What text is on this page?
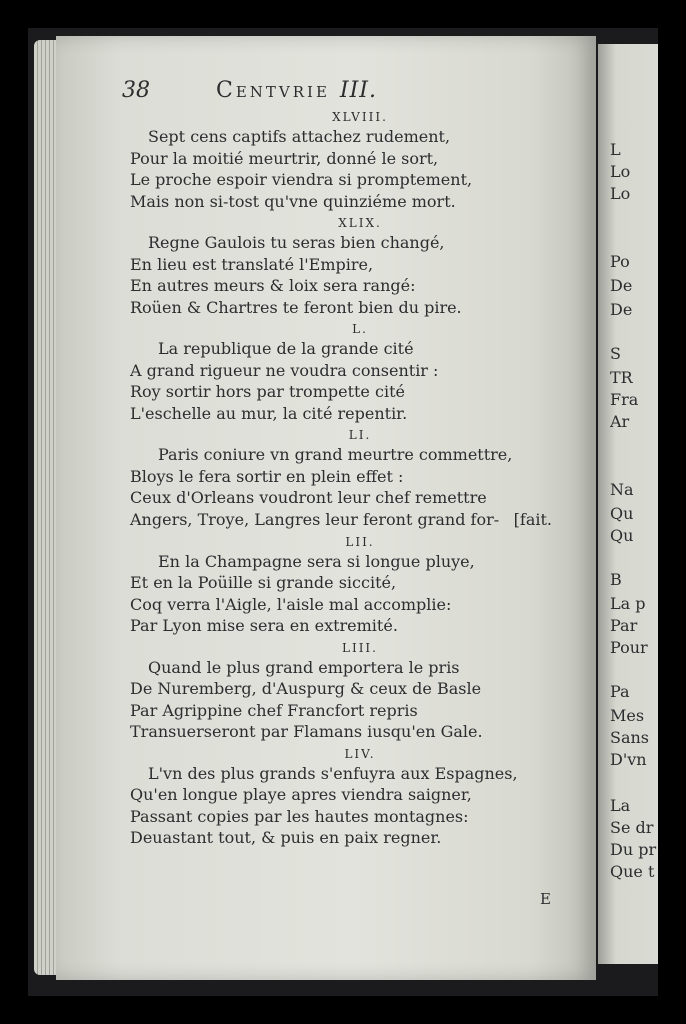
38	Centvrie III.
XLVIII.
Sept cens captifs attachez rudement,
Pour la moitié meurtrir, donné le sort,
Le proche espoir viendra si promptement,
Mais non si-tost qu'vne quinziéme mort.
XLIX.
Regne Gaulois tu seras bien changé,
En lieu est translaté l'Empire,
En autres meurs & loix sera rangé:
Roüen & Chartres te feront bien du pire.
L.
La republique de la grande cité
A grand rigueur ne voudra consentir :
Roy sortir hors par trompette cité
L'eschelle au mur, la cité repentir.
LI.
Paris coniure vn grand meurtre commettre,
Bloys le fera sortir en plein effet :
Ceux d'Orleans voudront leur chef remettre
Angers, Troye, Langres leur feront grand for- [fait.
LII.
En la Champagne sera si longue pluye,
Et en la Poüille si grande siccité,
Coq verra l'Aigle, l'aisle mal accomplie:
Par Lyon mise sera en extremité.
LIII.
Quand le plus grand emportera le pris
De Nuremberg, d'Auspurg & ceux de Basle
Par Agrippine chef Francfort repris
Transuerseront par Flamans iusqu'en Gale.
LIV.
L'vn des plus grands s'enfuyra aux Espagnes,
Qu'en longue playe apres viendra saigner,
Passant copies par les hautes montagnes:
Deuastant tout, & puis en paix regner.
E
L
Lo
Lo
Po
De
De
S
TR
Fra
Ar
Na
Qu
Qu
B
La p
Par
Pour
Pa
Mes
Sans
D'vn
La
Se dr
Du pr
Que t
